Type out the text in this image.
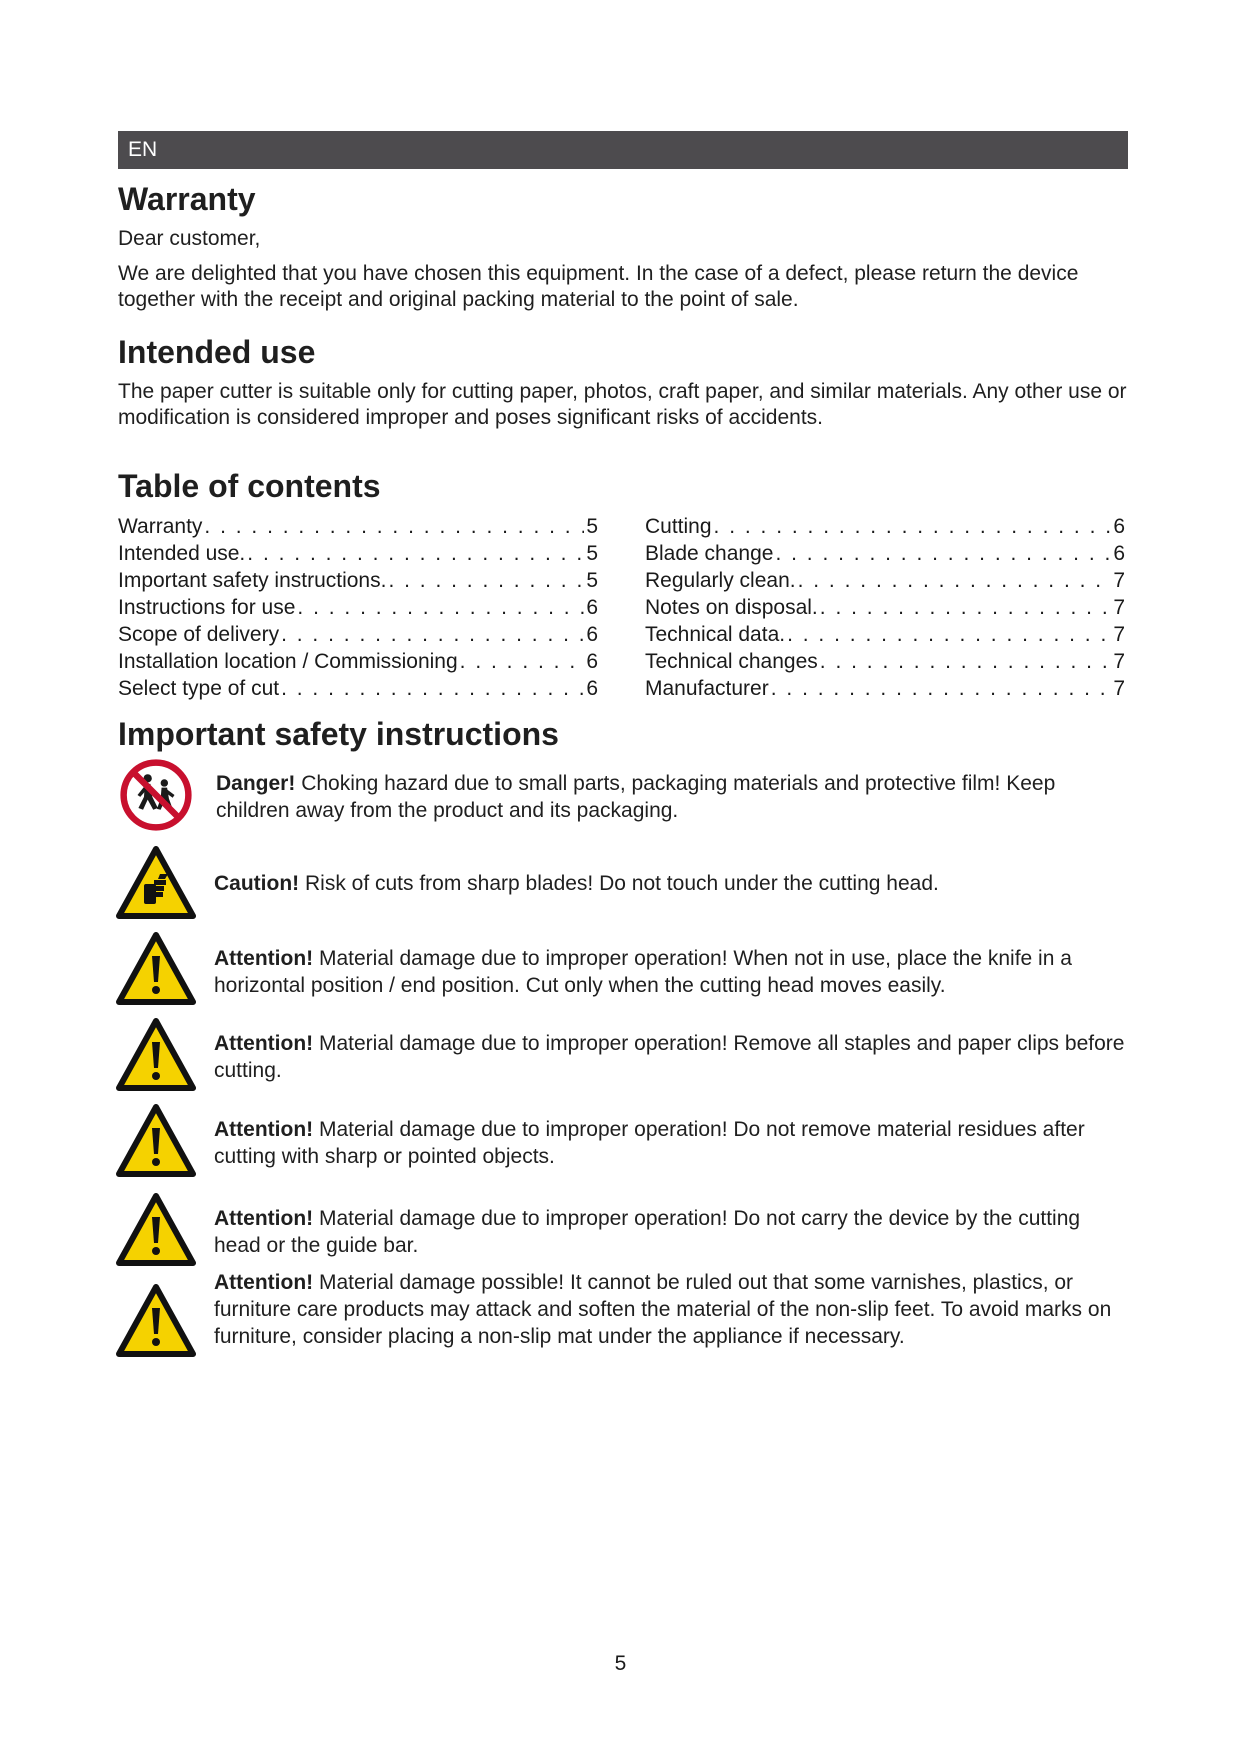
EN
Warranty

Dear customer,

We are delighted that you have chosen this equipment. In the case of a defect, please return the device together with the receipt and original packing material to the point of sale.

Intended use

The paper cutter is suitable only for cutting paper, photos, craft paper, and similar materials. Any other use or modification is considered improper and poses significant risks of accidents.

Table of contents
Warranty . . .	5
Intended use. . . .	5
Important safety instructions. . . .	5
Instructions for use . . .	6
Scope of delivery . . .	6
Installation location / Commissioning . . .	6
Select type of cut . . .	6
Cutting . . .	6
Blade change . . .	6
Regularly clean. . . .	7
Notes on disposal. . . .	7
Technical data. . . .	7
Technical changes . . .	7
Manufacturer . . .	7
Important safety instructions
Danger! Choking hazard due to small parts, packaging materials and protective film! Keep children away from the product and its packaging.
Caution! Risk of cuts from sharp blades! Do not touch under the cutting head.
Attention! Material damage due to improper operation! When not in use, place the knife in a horizontal position / end position. Cut only when the cutting head moves easily.
Attention! Material damage due to improper operation! Remove all staples and paper clips before cutting.
Attention! Material damage due to improper operation! Do not remove material residues after cutting with sharp or pointed objects.
Attention! Material damage due to improper operation! Do not carry the device by the cutting head or the guide bar.
Attention! Material damage possible! It cannot be ruled out that some varnishes, plastics, or furniture care products may attack and soften the material of the non-slip feet. To avoid marks on furniture, consider placing a non-slip mat under the appliance if necessary.
5
